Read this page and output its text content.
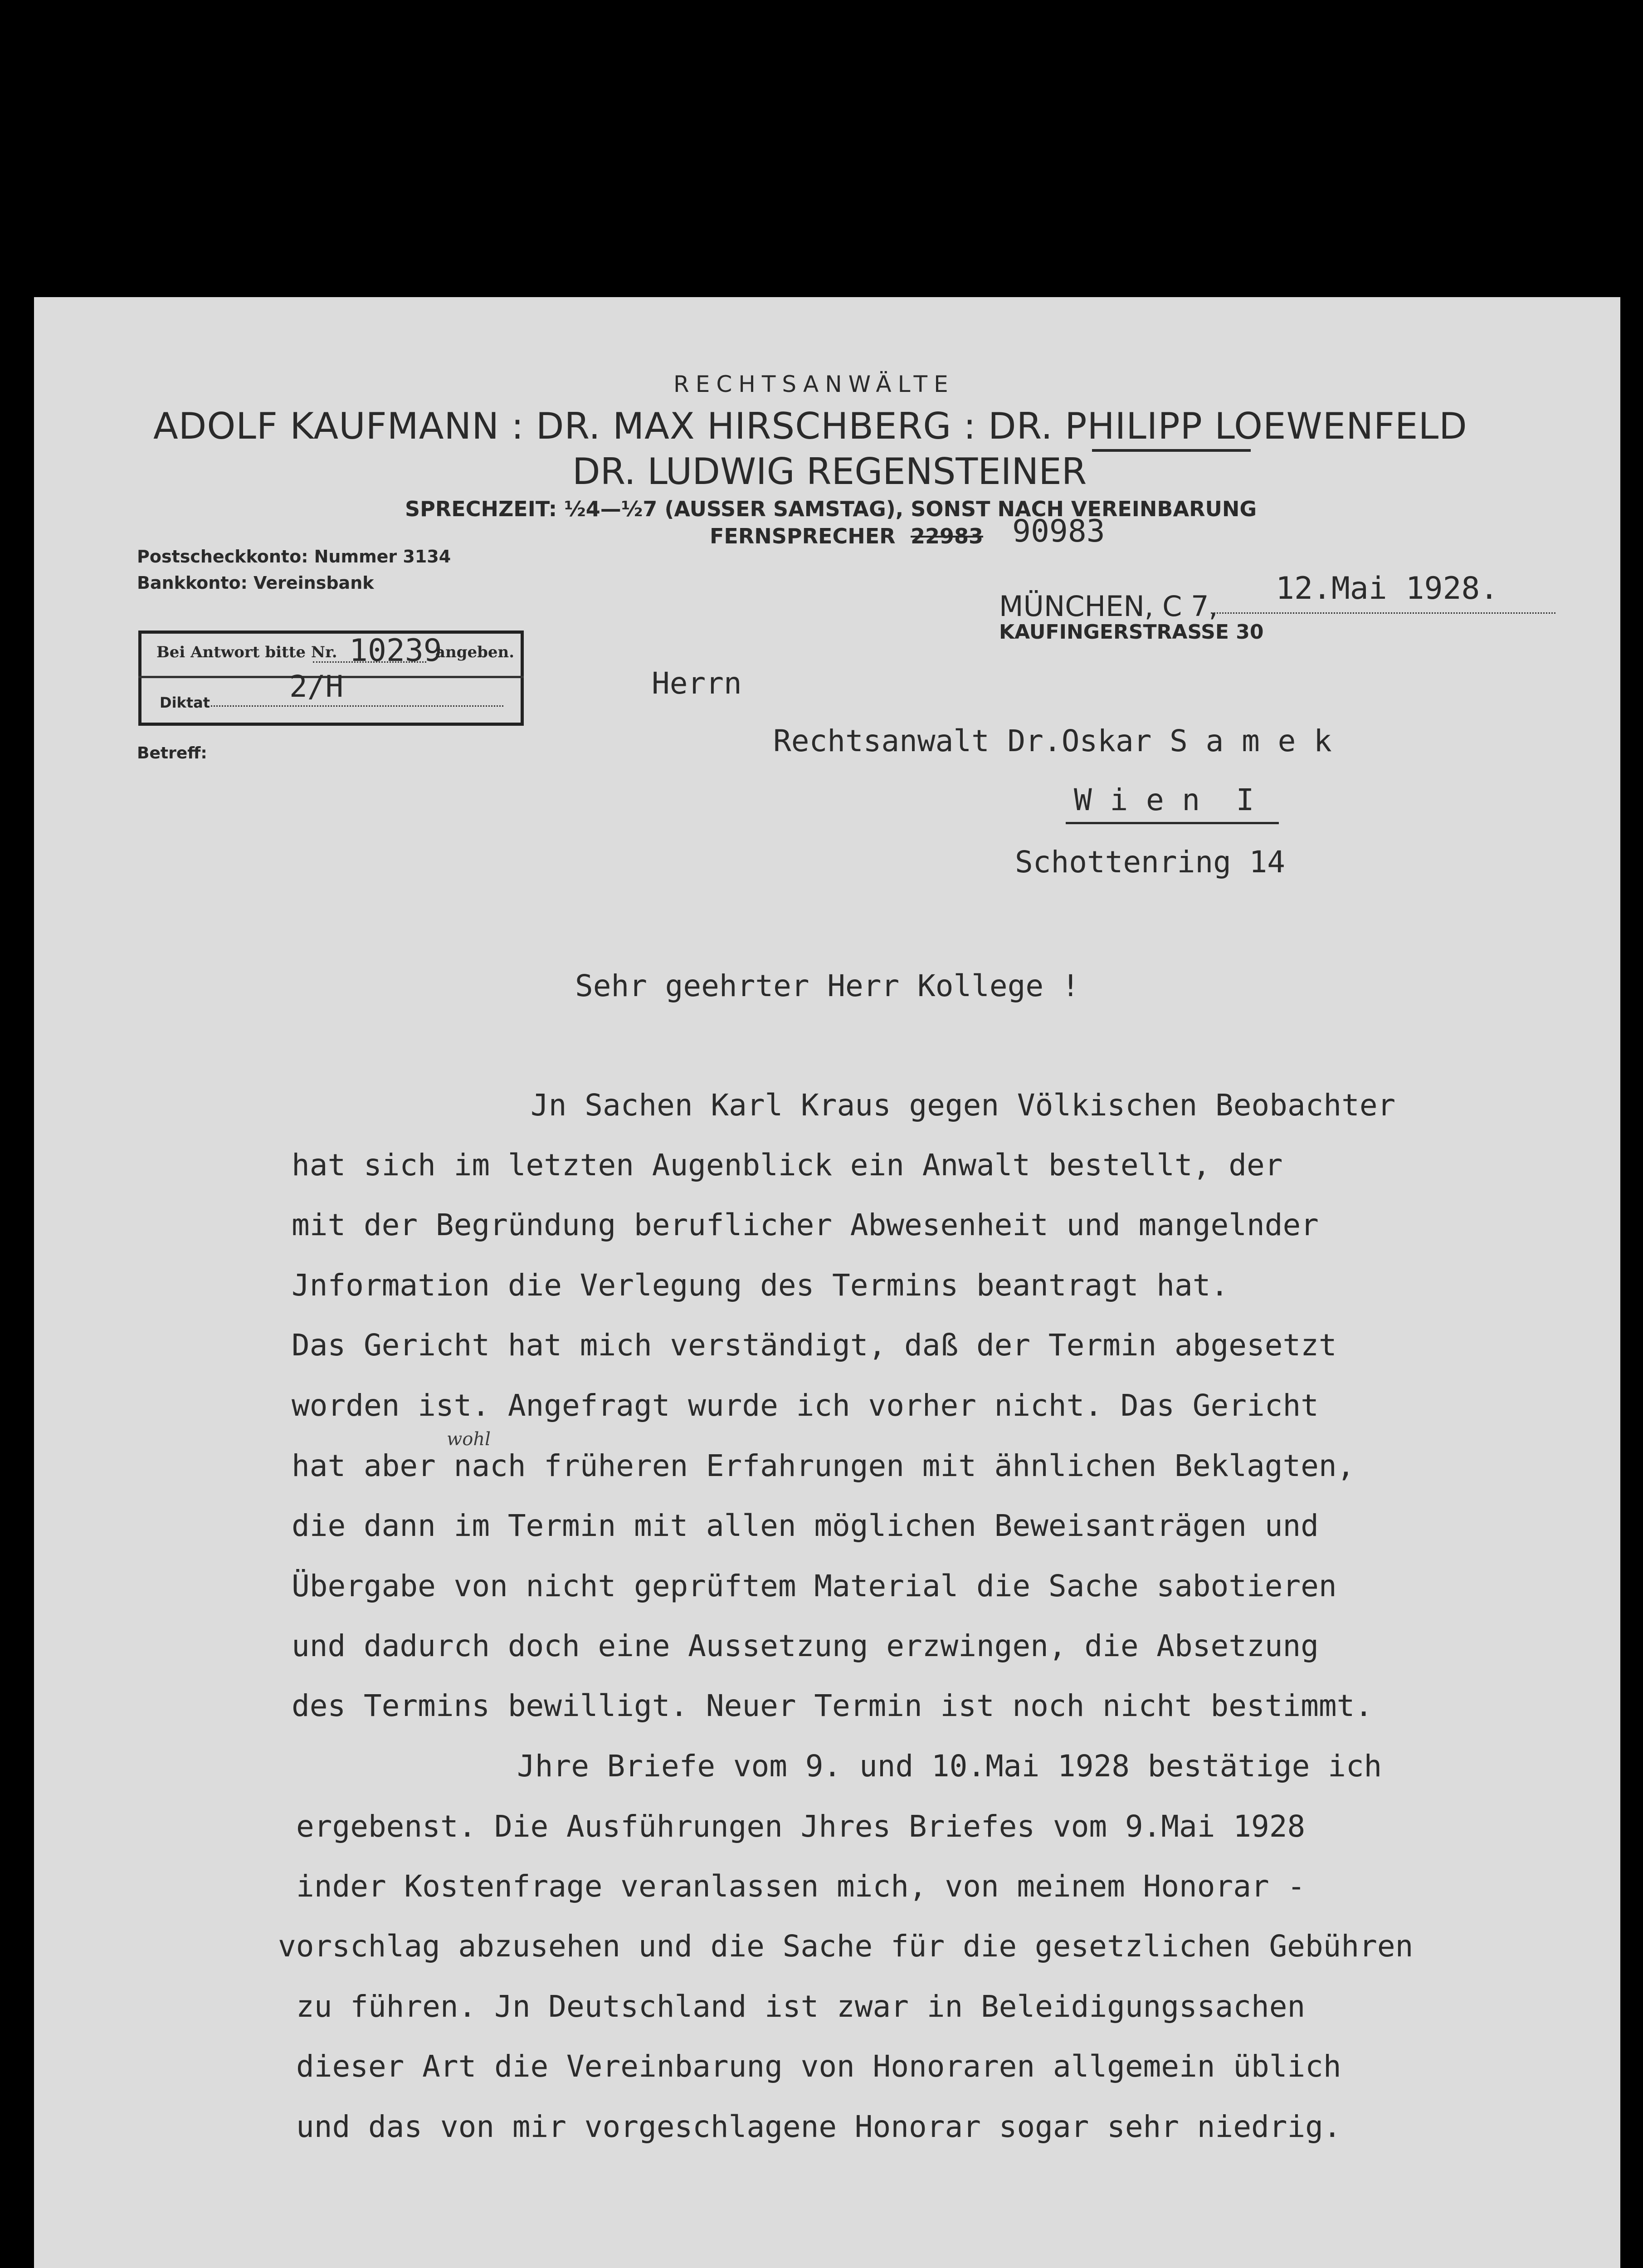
RECHTSANWÄLTE
ADOLF KAUFMANN : DR. MAX HIRSCHBERG : DR. PHILIPP LOEWENFELD
DR. LUDWIG REGENSTEINER
SPRECHZEIT: ½4—½7 (AUSSER SAMSTAG), SONST NACH VEREINBARUNG
FERNSPRECHER 22983 90983
Postscheckkonto: Nummer 3134
Bankkonto: Vereinsbank
MÜNCHEN, C 7,
KAUFINGERSTRASSE 30
12.Mai 1928.
Bei Antwort bitte Nr. 10239
angeben.
Diktat	2/H
Betreff:
Herrn
Rechtsanwalt Dr.Oskar S a m e k
W i e n  I
Schottenring 14
Sehr geehrter Herr Kollege !
Jn Sachen Karl Kraus gegen Völkischen Beobachter
hat sich im letzten Augenblick ein Anwalt bestellt, der
mit der Begründung beruflicher Abwesenheit und mangelnder
Jnformation die Verlegung des Termins beantragt hat.
Das Gericht hat mich verständigt, daß der Termin abgesetzt
worden ist. Angefragt wurde ich vorher nicht. Das Gericht
hat aber nach früheren Erfahrungen mit ähnlichen Beklagten,
wohl
die dann im Termin mit allen möglichen Beweisanträgen und
Übergabe von nicht geprüftem Material die Sache sabotieren
und dadurch doch eine Aussetzung erzwingen, die Absetzung
des Termins bewilligt. Neuer Termin ist noch nicht bestimmt.
Jhre Briefe vom 9. und 10.Mai 1928 bestätige ich
ergebenst. Die Ausführungen Jhres Briefes vom 9.Mai 1928
inder Kostenfrage veranlassen mich, von meinem Honorar -
vorschlag abzusehen und die Sache für die gesetzlichen Gebühren
zu führen. Jn Deutschland ist zwar in Beleidigungssachen
dieser Art die Vereinbarung von Honoraren allgemein üblich
und das von mir vorgeschlagene Honorar sogar sehr niedrig.
